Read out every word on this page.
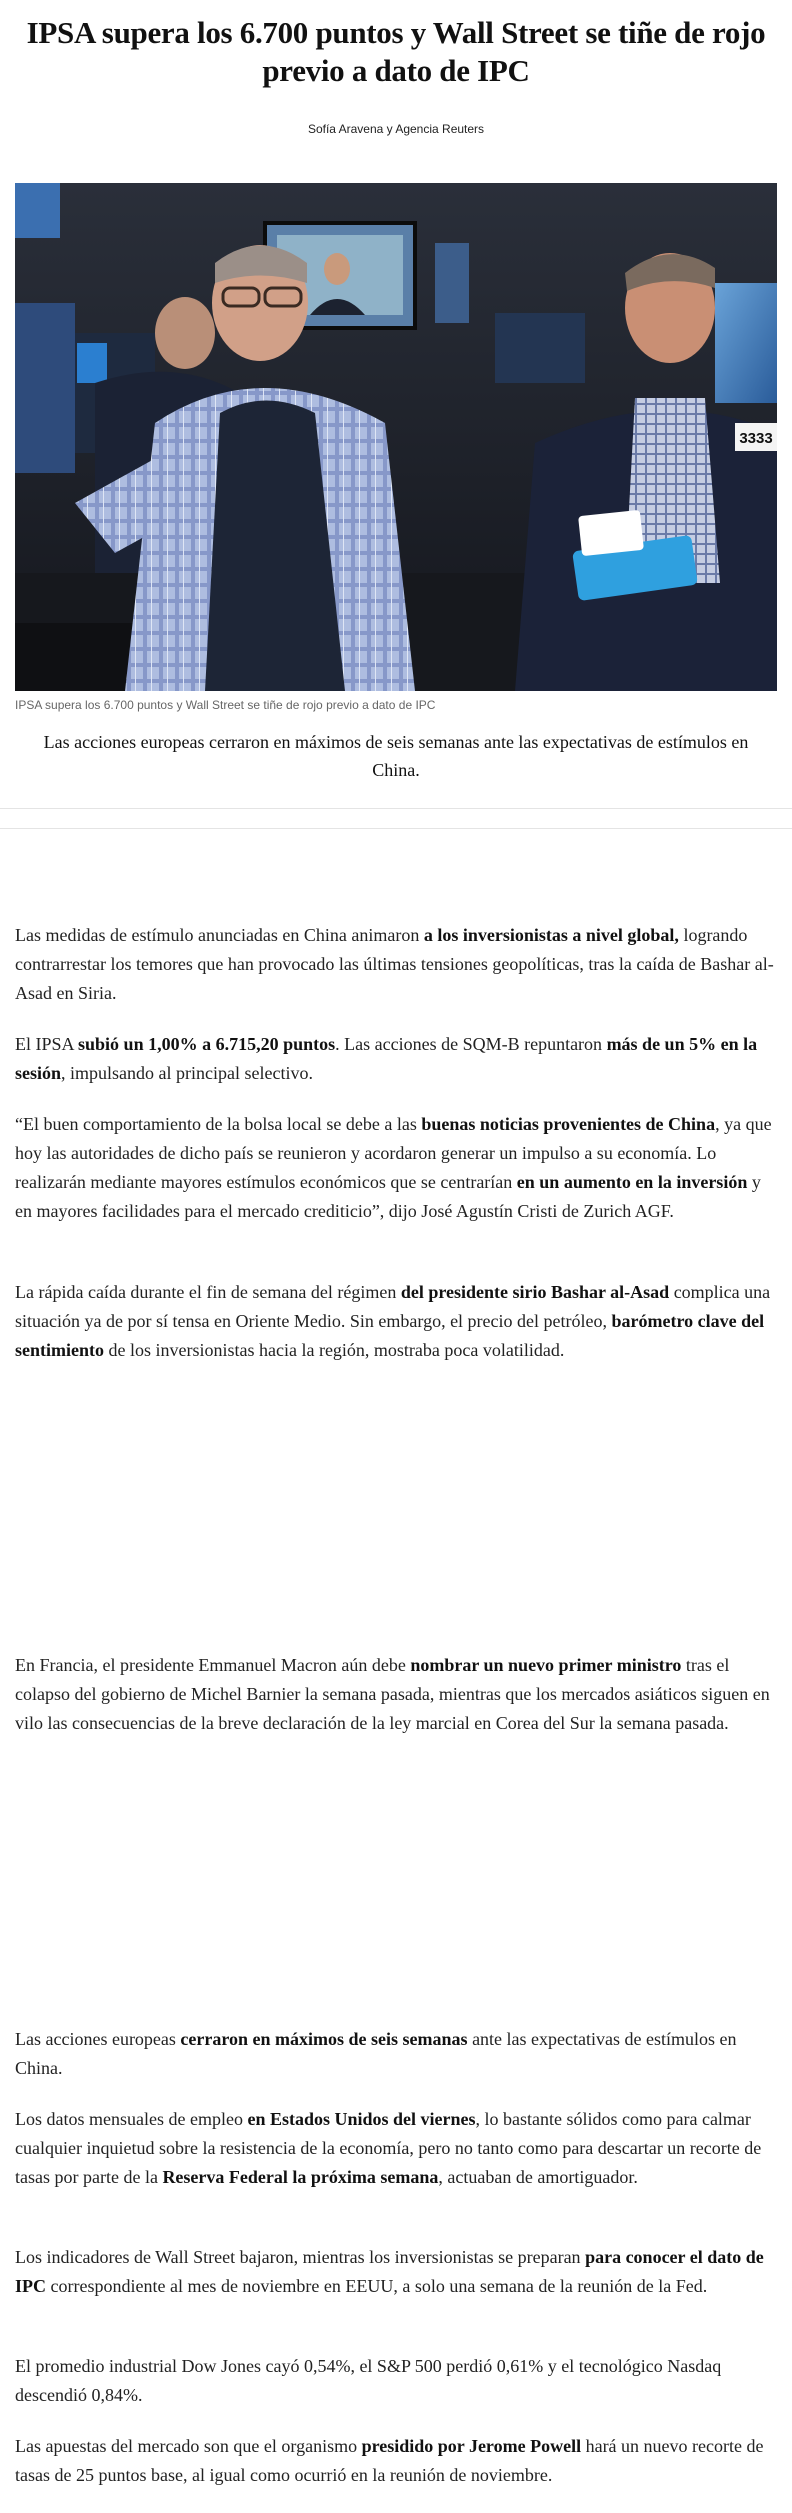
IPSA supera los 6.700 puntos y Wall Street se tiñe de rojo previo a dato de IPC
Sofía Aravena y Agencia Reuters
3333
IPSA supera los 6.700 puntos y Wall Street se tiñe de rojo previo a dato de IPC
Las acciones europeas cerraron en máximos de seis semanas ante las expectativas de estímulos en China.

Las medidas de estímulo anunciadas en China animaron a los inversionistas a nivel global, logrando contrarrestar los temores que han provocado las últimas tensiones geopolíticas, tras la caída de Bashar al-Asad en Siria.

El IPSA subió un 1,00% a 6.715,20 puntos. Las acciones de SQM-B repuntaron más de un 5% en la sesión, impulsando al principal selectivo.

“El buen comportamiento de la bolsa local se debe a las buenas noticias provenientes de China, ya que hoy las autoridades de dicho país se reunieron y acordaron generar un impulso a su economía. Lo realizarán mediante mayores estímulos económicos que se centrarían en un aumento en la inversión y en mayores facilidades para el mercado crediticio”, dijo José Agustín Cristi de Zurich AGF.

La rápida caída durante el fin de semana del régimen del presidente sirio Bashar al-Asad complica una situación ya de por sí tensa en Oriente Medio. Sin embargo, el precio del petróleo, barómetro clave del sentimiento de los inversionistas hacia la región, mostraba poca volatilidad.

En Francia, el presidente Emmanuel Macron aún debe nombrar un nuevo primer ministro tras el colapso del gobierno de Michel Barnier la semana pasada, mientras que los mercados asiáticos siguen en vilo las consecuencias de la breve declaración de la ley marcial en Corea del Sur la semana pasada.

Las acciones europeas cerraron en máximos de seis semanas ante las expectativas de estímulos en China.

Los datos mensuales de empleo en Estados Unidos del viernes, lo bastante sólidos como para calmar cualquier inquietud sobre la resistencia de la economía, pero no tanto como para descartar un recorte de tasas por parte de la Reserva Federal la próxima semana, actuaban de amortiguador.

Los indicadores de Wall Street bajaron, mientras los inversionistas se preparan para conocer el dato de IPC correspondiente al mes de noviembre en EEUU, a solo una semana de la reunión de la Fed.

El promedio industrial Dow Jones cayó 0,54%, el S&P 500 perdió 0,61% y el tecnológico Nasdaq descendió 0,84%.

Las apuestas del mercado son que el organismo presidido por Jerome Powell hará un nuevo recorte de tasas de 25 puntos base, al igual como ocurrió en la reunión de noviembre.
